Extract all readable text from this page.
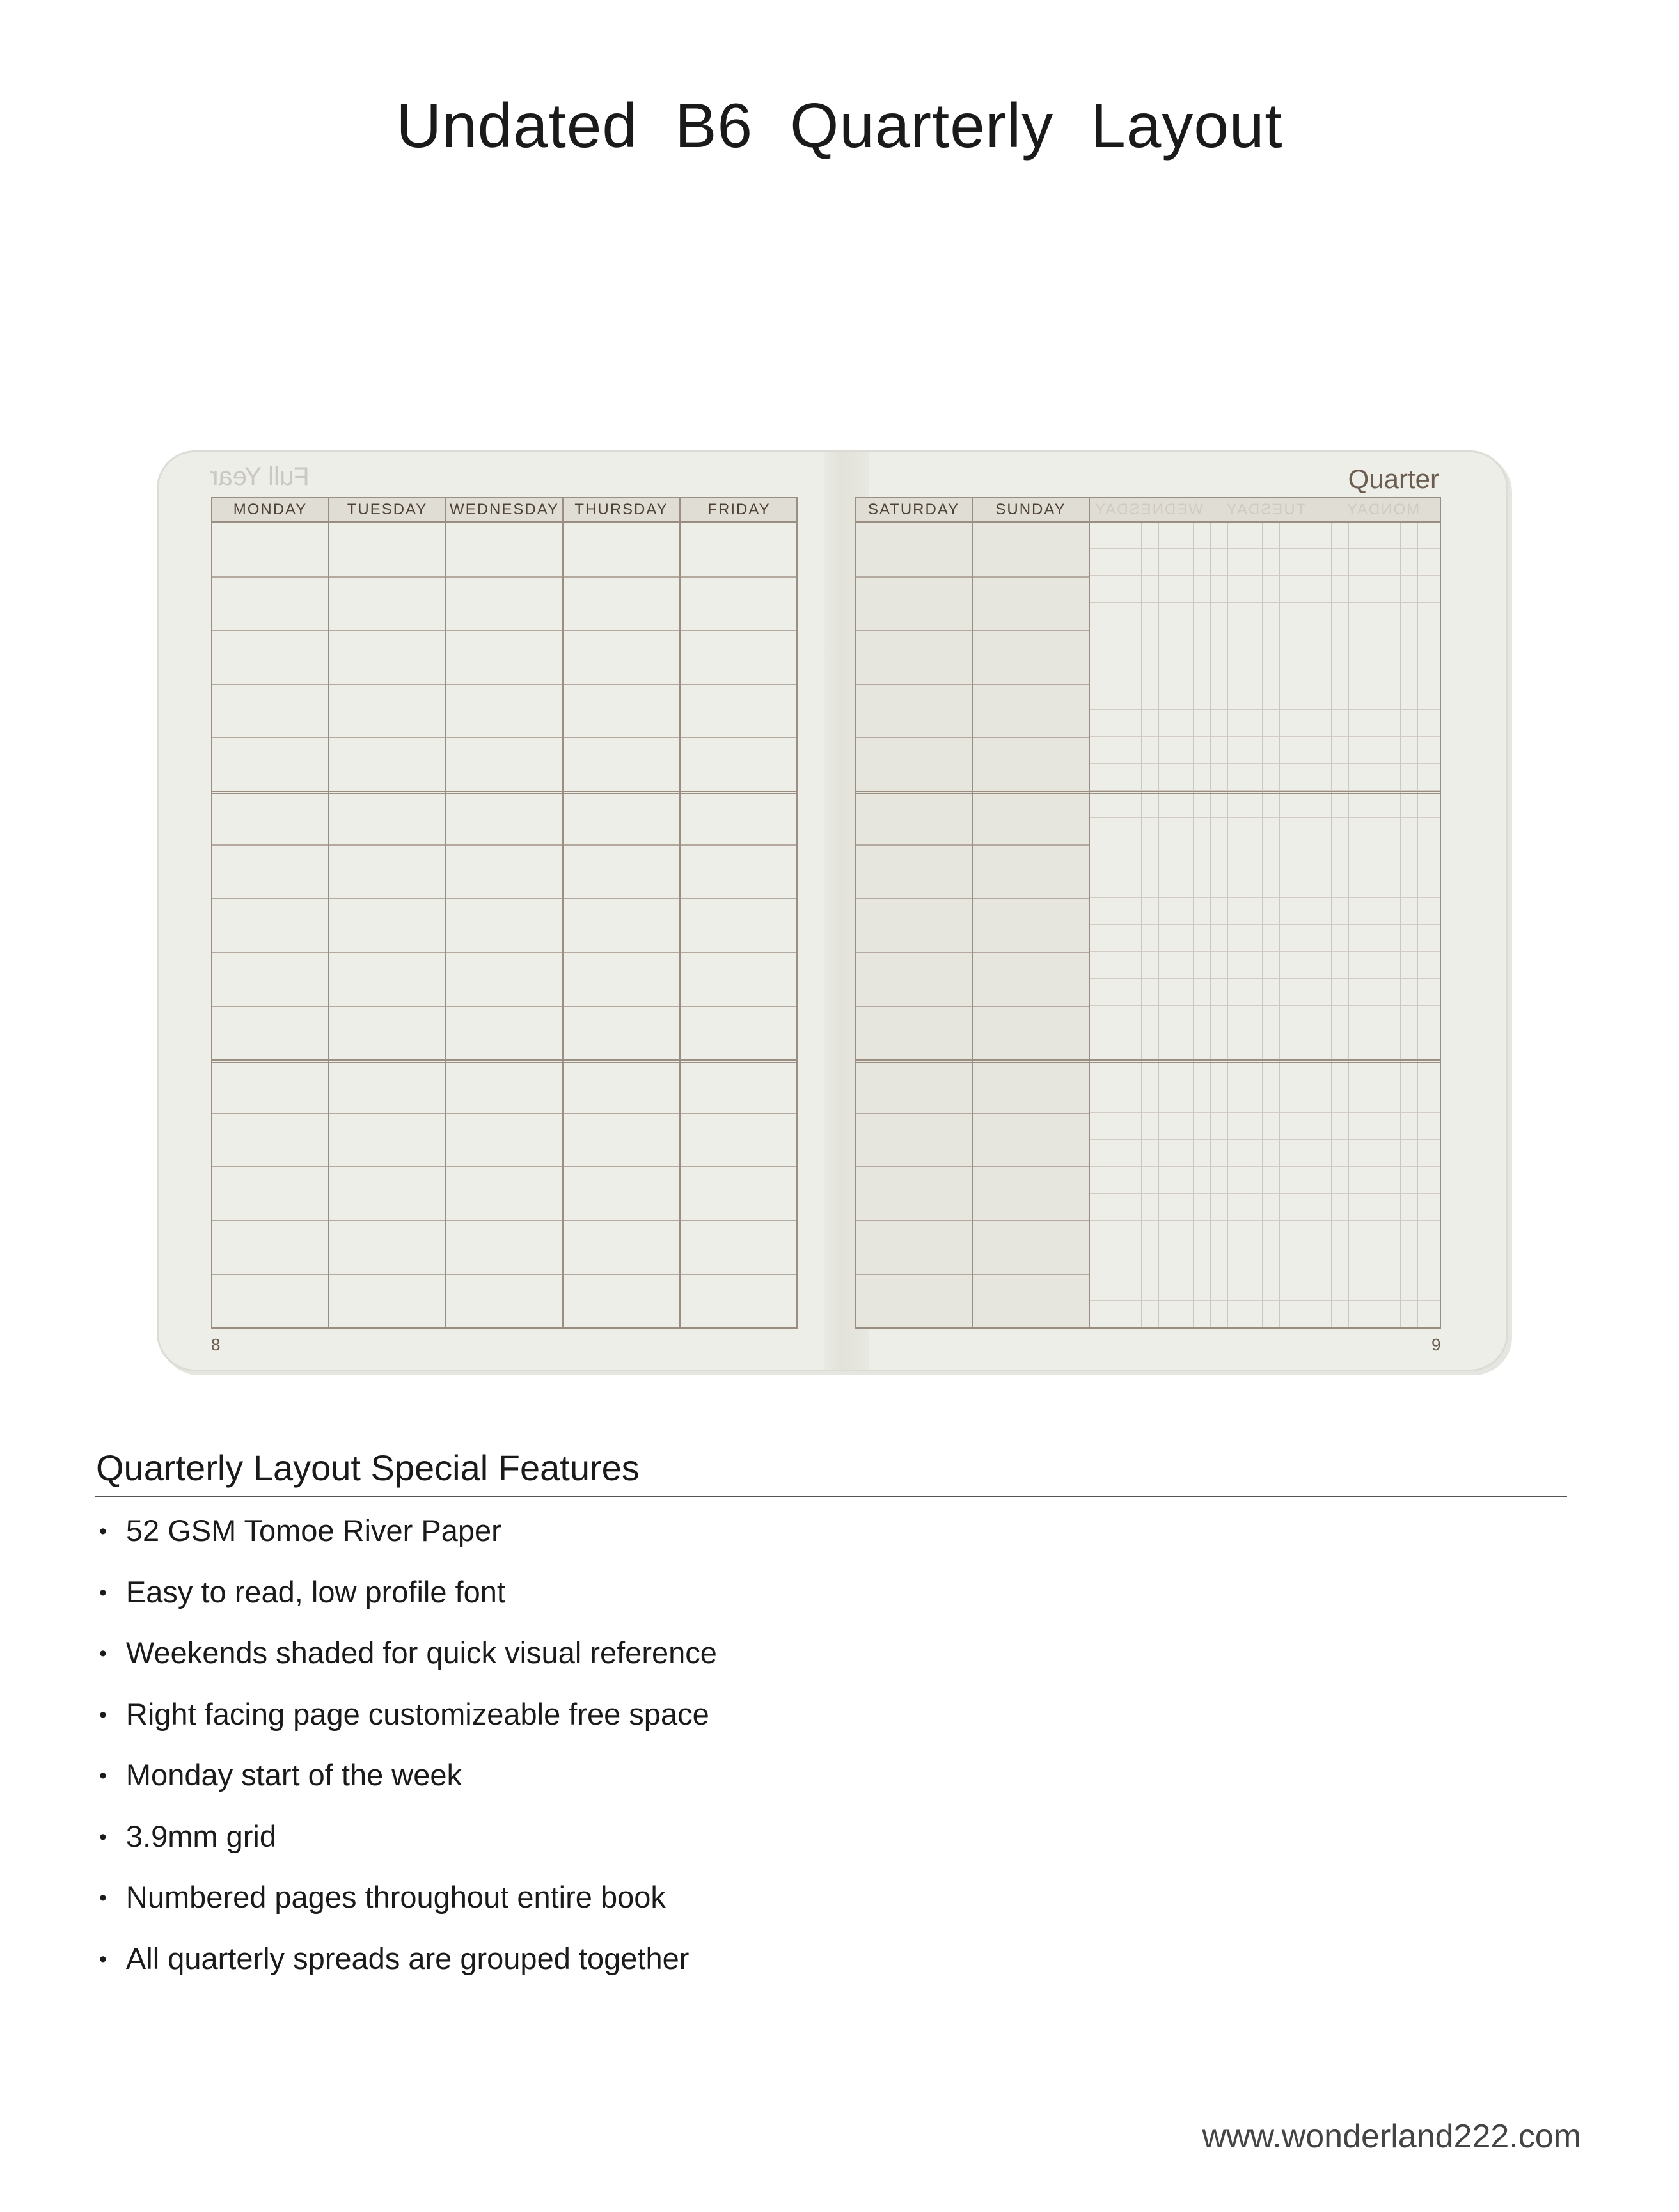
Undated B6 Quarterly Layout
Full Year	Quarter
MONDAY	TUESDAY	WEDNESDAY	THURSDAY	FRIDAY	SATURDAY	SUNDAY	WEDNESDAY	TUESDAY	MONDAY
8	9
Quarterly Layout Special Features
• 52 GSM Tomoe River Paper
• Easy to read, low profile font
• Weekends shaded for quick visual reference
• Right facing page customizeable free space
• Monday start of the week
• 3.9mm grid
• Numbered pages throughout entire book
• All quarterly spreads are grouped together
www.wonderland222.com
